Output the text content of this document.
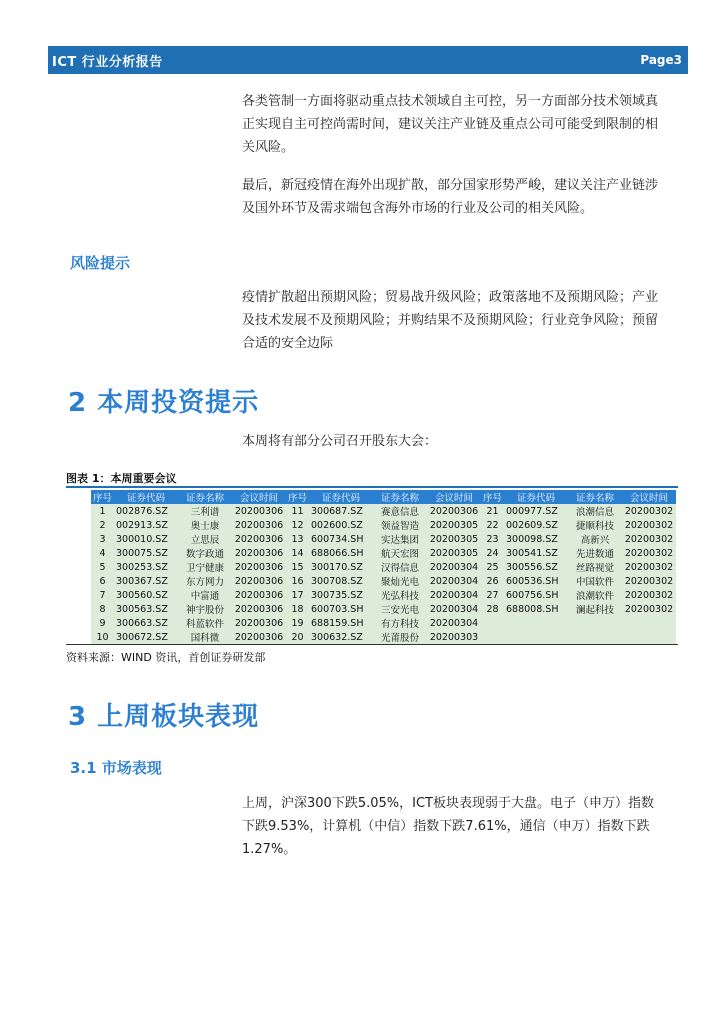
ICT 行业分析报告	Page3

各类管制一方面将驱动重点技术领域自主可控，另一方面部分技术领域真正实现自主可控尚需时间，建议关注产业链及重点公司可能受到限制的相关风险。

最后，新冠疫情在海外出现扩散，部分国家形势严峻，建议关注产业链涉及国外环节及需求端包含海外市场的行业及公司的相关风险。

风险提示
疫情扩散超出预期风险；贸易战升级风险；政策落地不及预期风险；产业及技术发展不及预期风险；并购结果不及预期风险；行业竞争风险；预留合适的安全边际
2 本周投资提示
本周将有部分公司召开股东大会：
图表 1：本周重要会议
序号	证券代码	证券名称	会议时间	序号	证券代码	证券名称	会议时间	序号	证券代码	证券名称	会议时间
1	002876.SZ	三利谱	20200306	11	300687.SZ	赛意信息	20200306	21	000977.SZ	浪潮信息	20200302
2	002913.SZ	奥士康	20200306	12	002600.SZ	领益智造	20200305	22	002609.SZ	捷顺科技	20200302
3	300010.SZ	立思辰	20200306	13	600734.SH	实达集团	20200305	23	300098.SZ	高新兴	20200302
4	300075.SZ	数字政通	20200306	14	688066.SH	航天宏图	20200305	24	300541.SZ	先进数通	20200302
5	300253.SZ	卫宁健康	20200306	15	300170.SZ	汉得信息	20200304	25	300556.SZ	丝路视觉	20200302
6	300367.SZ	东方网力	20200306	16	300708.SZ	聚灿光电	20200304	26	600536.SH	中国软件	20200302
7	300560.SZ	中富通	20200306	17	300735.SZ	光弘科技	20200304	27	600756.SH	浪潮软件	20200302
8	300563.SZ	神宇股份	20200306	18	600703.SH	三安光电	20200304	28	688008.SH	澜起科技	20200302
9	300663.SZ	科蓝软件	20200306	19	688159.SH	有方科技	20200304				
10	300672.SZ	国科微	20200306	20	300632.SZ	光莆股份	20200303				
资料来源：WIND 资讯，首创证券研发部
3 上周板块表现
3.1 市场表现
上周，沪深300下跌5.05%，ICT板块表现弱于大盘。电子（申万）指数下跌9.53%，计算机（中信）指数下跌7.61%，通信（申万）指数下跌1.27%。
